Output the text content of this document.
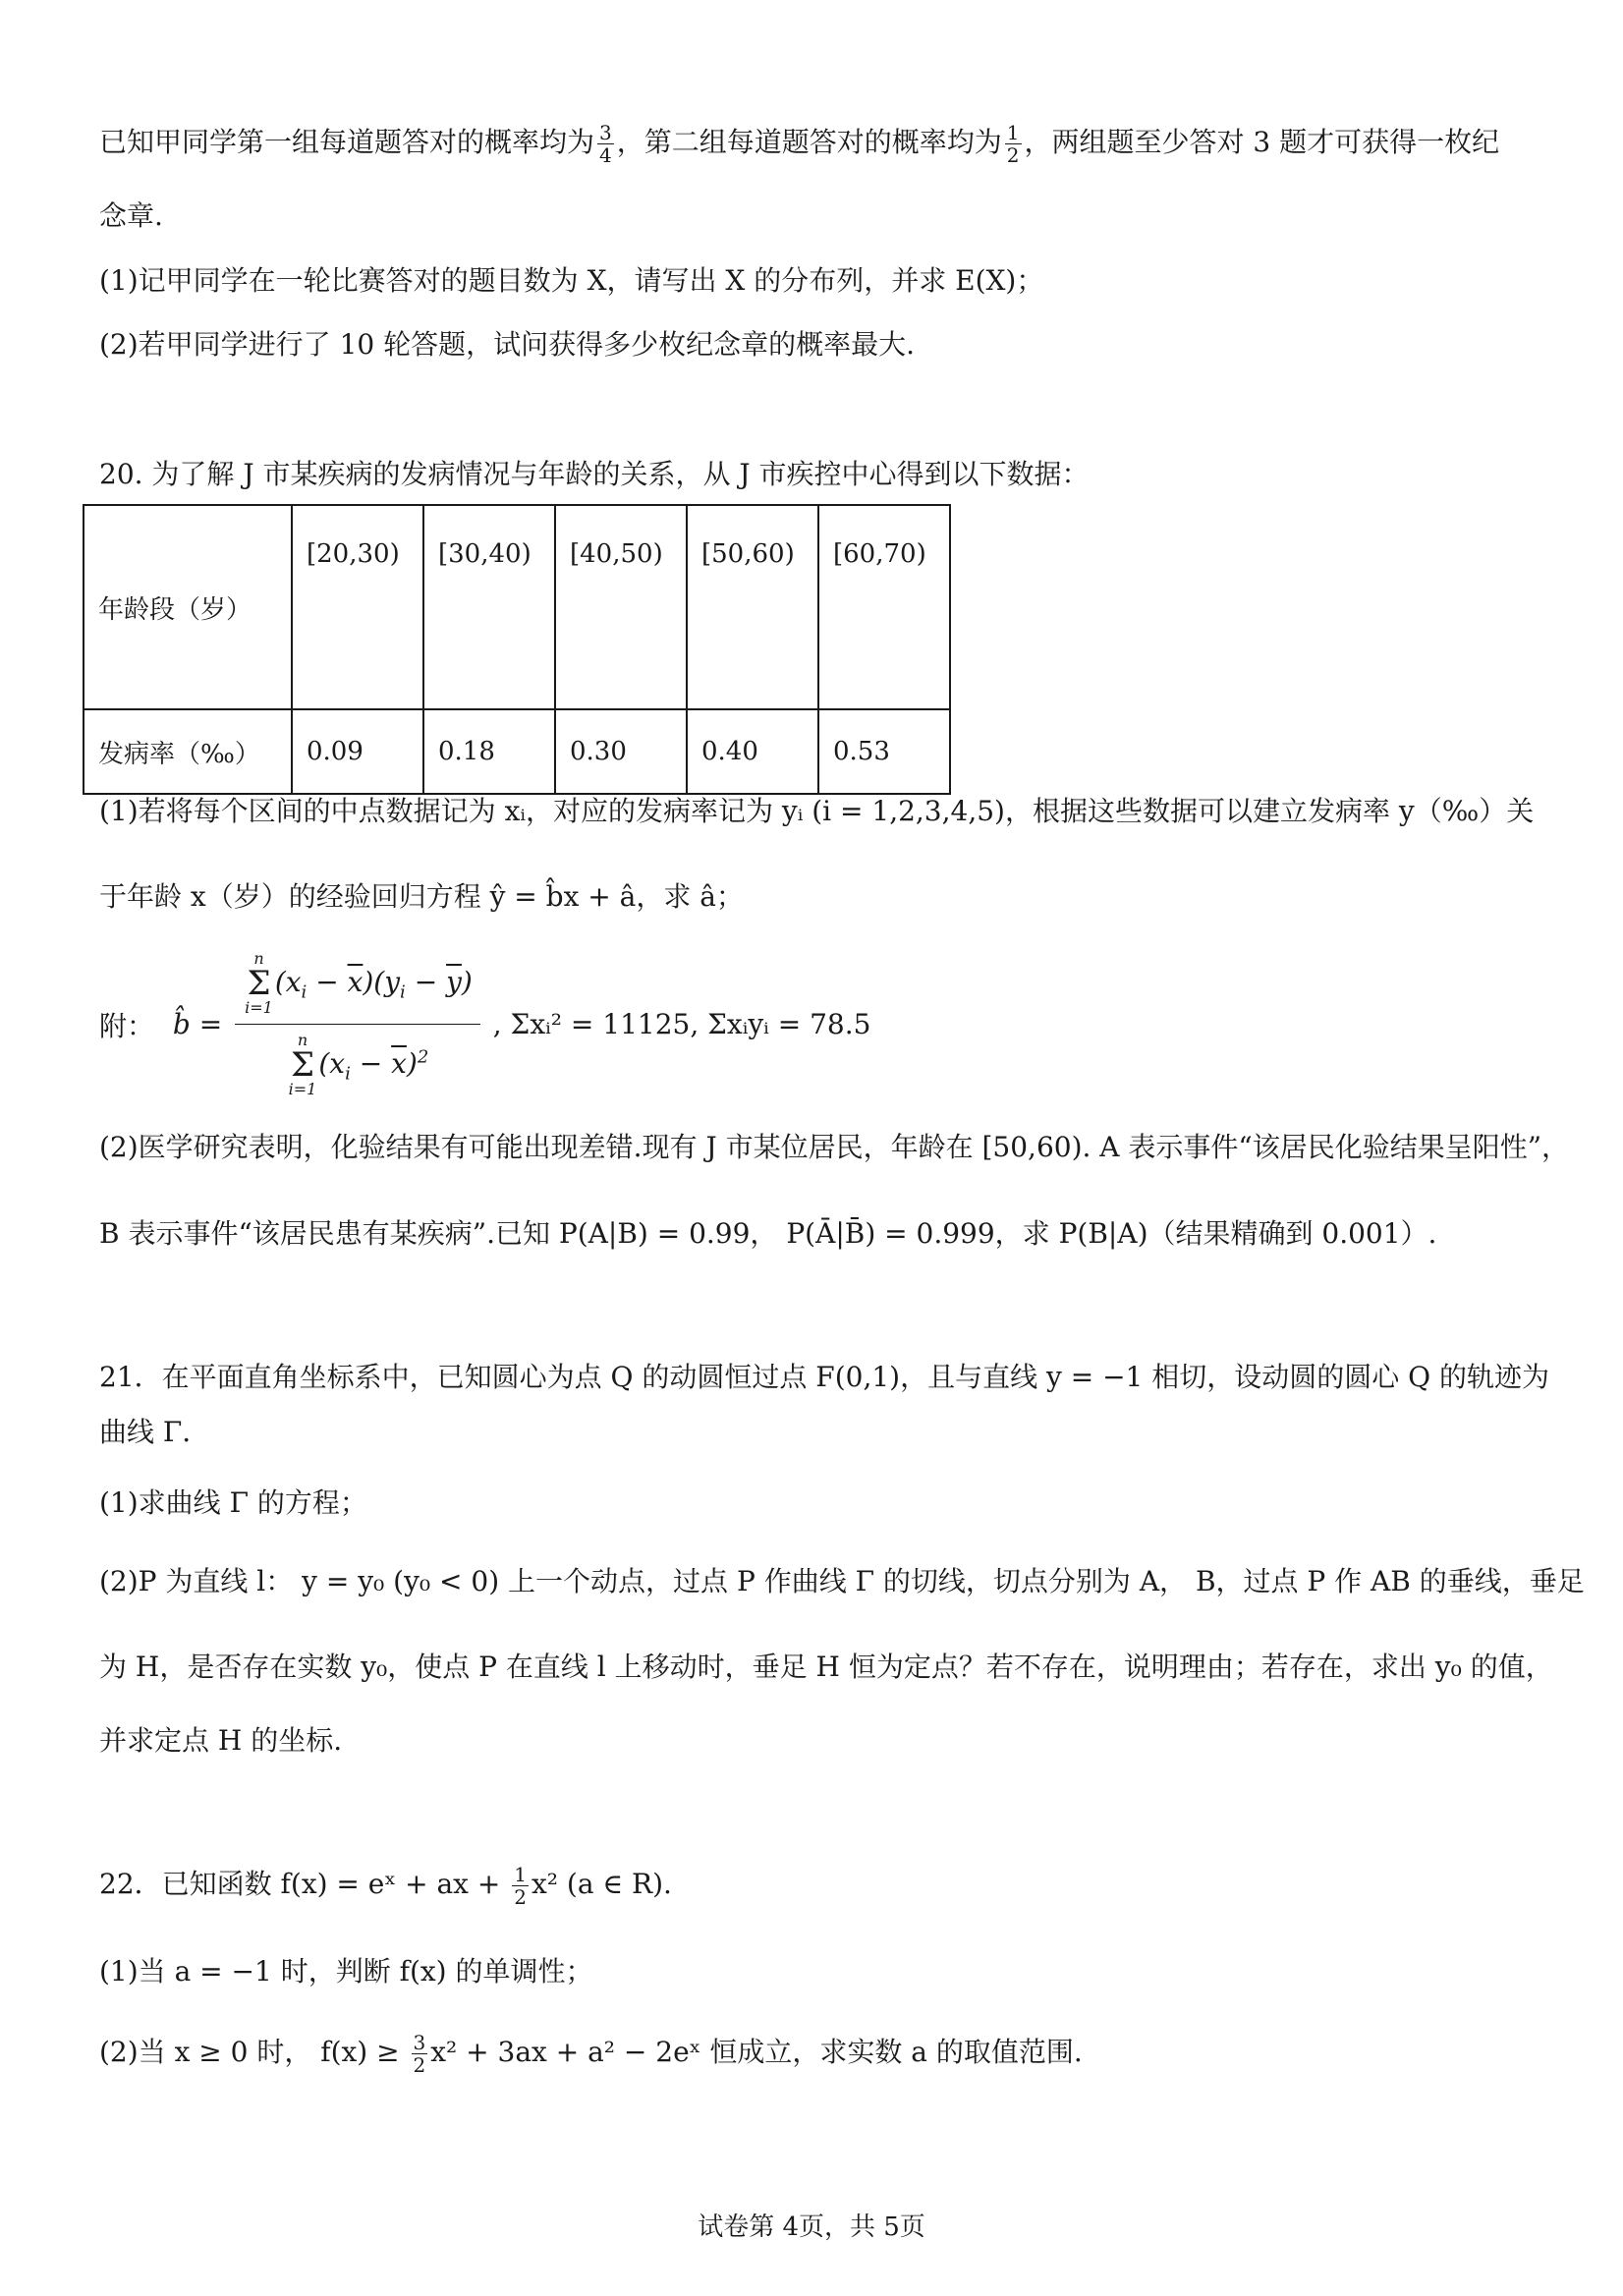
已知甲同学第一组每道题答对的概率均为 $\frac{3}{4}$ ，第二组每道题答对的概率均为 $\frac{1}{2}$ ，两组题至少答对 3 题才可获得一枚纪
念章.
(1)记甲同学在一轮比赛答对的题目数为 X，请写出 X 的分布列，并求 E(X)；
(2)若甲同学进行了 10 轮答题，试问获得多少枚纪念章的概率最大.
20. 为了解 J 市某疾病的发病情况与年龄的关系，从 J 市疾控中心得到以下数据：
年龄段（岁）	[20,30)	[30,40)	[40,50)	[50,60)	[60,70)
发病率（‰）	0.09	0.18	0.30	0.40	0.53
(1)若将每个区间的中点数据记为 xᵢ，对应的发病率记为 yᵢ (i = 1,2,3,4,5)，根据这些数据可以建立发病率 y（‰）关
于年龄 x（岁）的经验回归方程 ŷ = b̂x + â，求 â；
附： b̂ = n
Σ
i=1
$(x_i - \overline{x})(y_i - \overline{y})$
n
Σ
i=1
$(x_i - \overline{x})^2$ , Σxᵢ² = 11125, Σxᵢyᵢ = 78.5
(2)医学研究表明，化验结果有可能出现差错.现有 J 市某位居民，年龄在 [50,60). A 表示事件“该居民化验结果呈阳性”，
B 表示事件“该居民患有某疾病”.已知 P(A|B) = 0.99， P(Ā|B̄) = 0.999，求 P(B|A)（结果精确到 0.001）.
21．在平面直角坐标系中，已知圆心为点 Q 的动圆恒过点 F(0,1)，且与直线 y = −1 相切，设动圆的圆心 Q 的轨迹为
曲线 Γ．
(1)求曲线 Γ 的方程；
(2)P 为直线 l： y = y₀ (y₀ < 0) 上一个动点，过点 P 作曲线 Γ 的切线，切点分别为 A， B，过点 P 作 AB 的垂线，垂足
为 H，是否存在实数 y₀，使点 P 在直线 l 上移动时，垂足 H 恒为定点？若不存在，说明理由；若存在，求出 y₀ 的值，
并求定点 H 的坐标.
22．已知函数 f(x) = eˣ + ax + $\frac{1}{2} x^2$ (a ∈ R).
(1)当 a = −1 时，判断 f(x) 的单调性；
(2)当 x ≥ 0 时， $f(x) \ge \frac{3}{2} x^2 + 3ax + a^2$ − 2eˣ 恒成立，求实数 a 的取值范围.
试卷第 4页，共 5页
